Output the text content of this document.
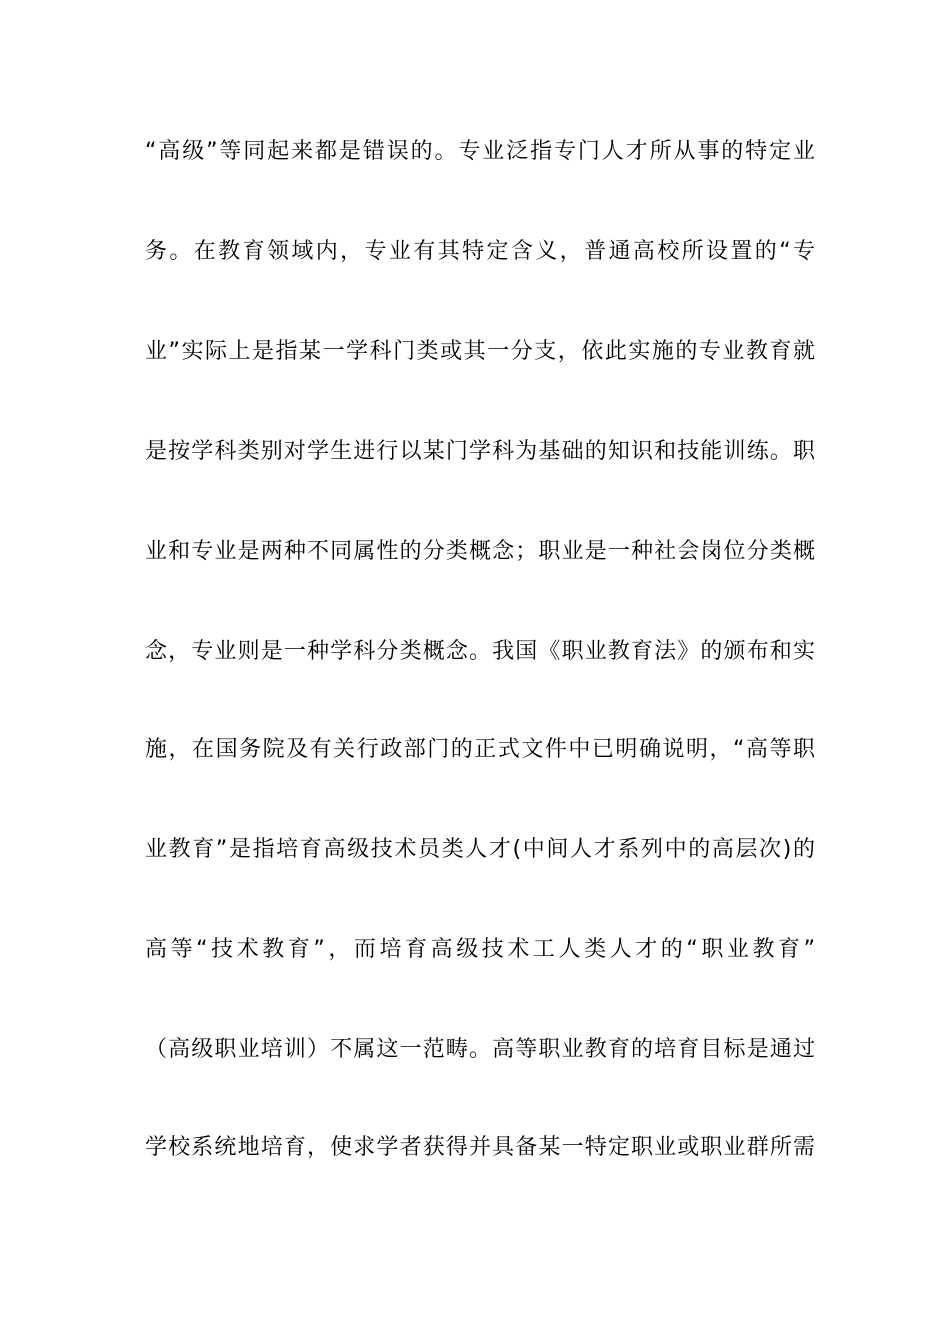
“高级”等同起来都是错误的。专业泛指专门人才所从事的特定业
务。在教育领域内，专业有其特定含义，普通高校所设置的“专
业”实际上是指某一学科门类或其一分支，依此实施的专业教育就
是按学科类别对学生进行以某门学科为基础的知识和技能训练。职
业和专业是两种不同属性的分类概念；职业是一种社会岗位分类概
念，专业则是一种学科分类概念。我国《职业教育法》的颁布和实
施，在国务院及有关行政部门的正式文件中已明确说明，“高等职
业教育”是指培育高级技术员类人才(中间人才系列中的高层次)的
高等“技术教育”，而培育高级技术工人类人才的“职业教育”
（高级职业培训）不属这一范畴。高等职业教育的培育目标是通过
学校系统地培育，使求学者获得并具备某一特定职业或职业群所需
